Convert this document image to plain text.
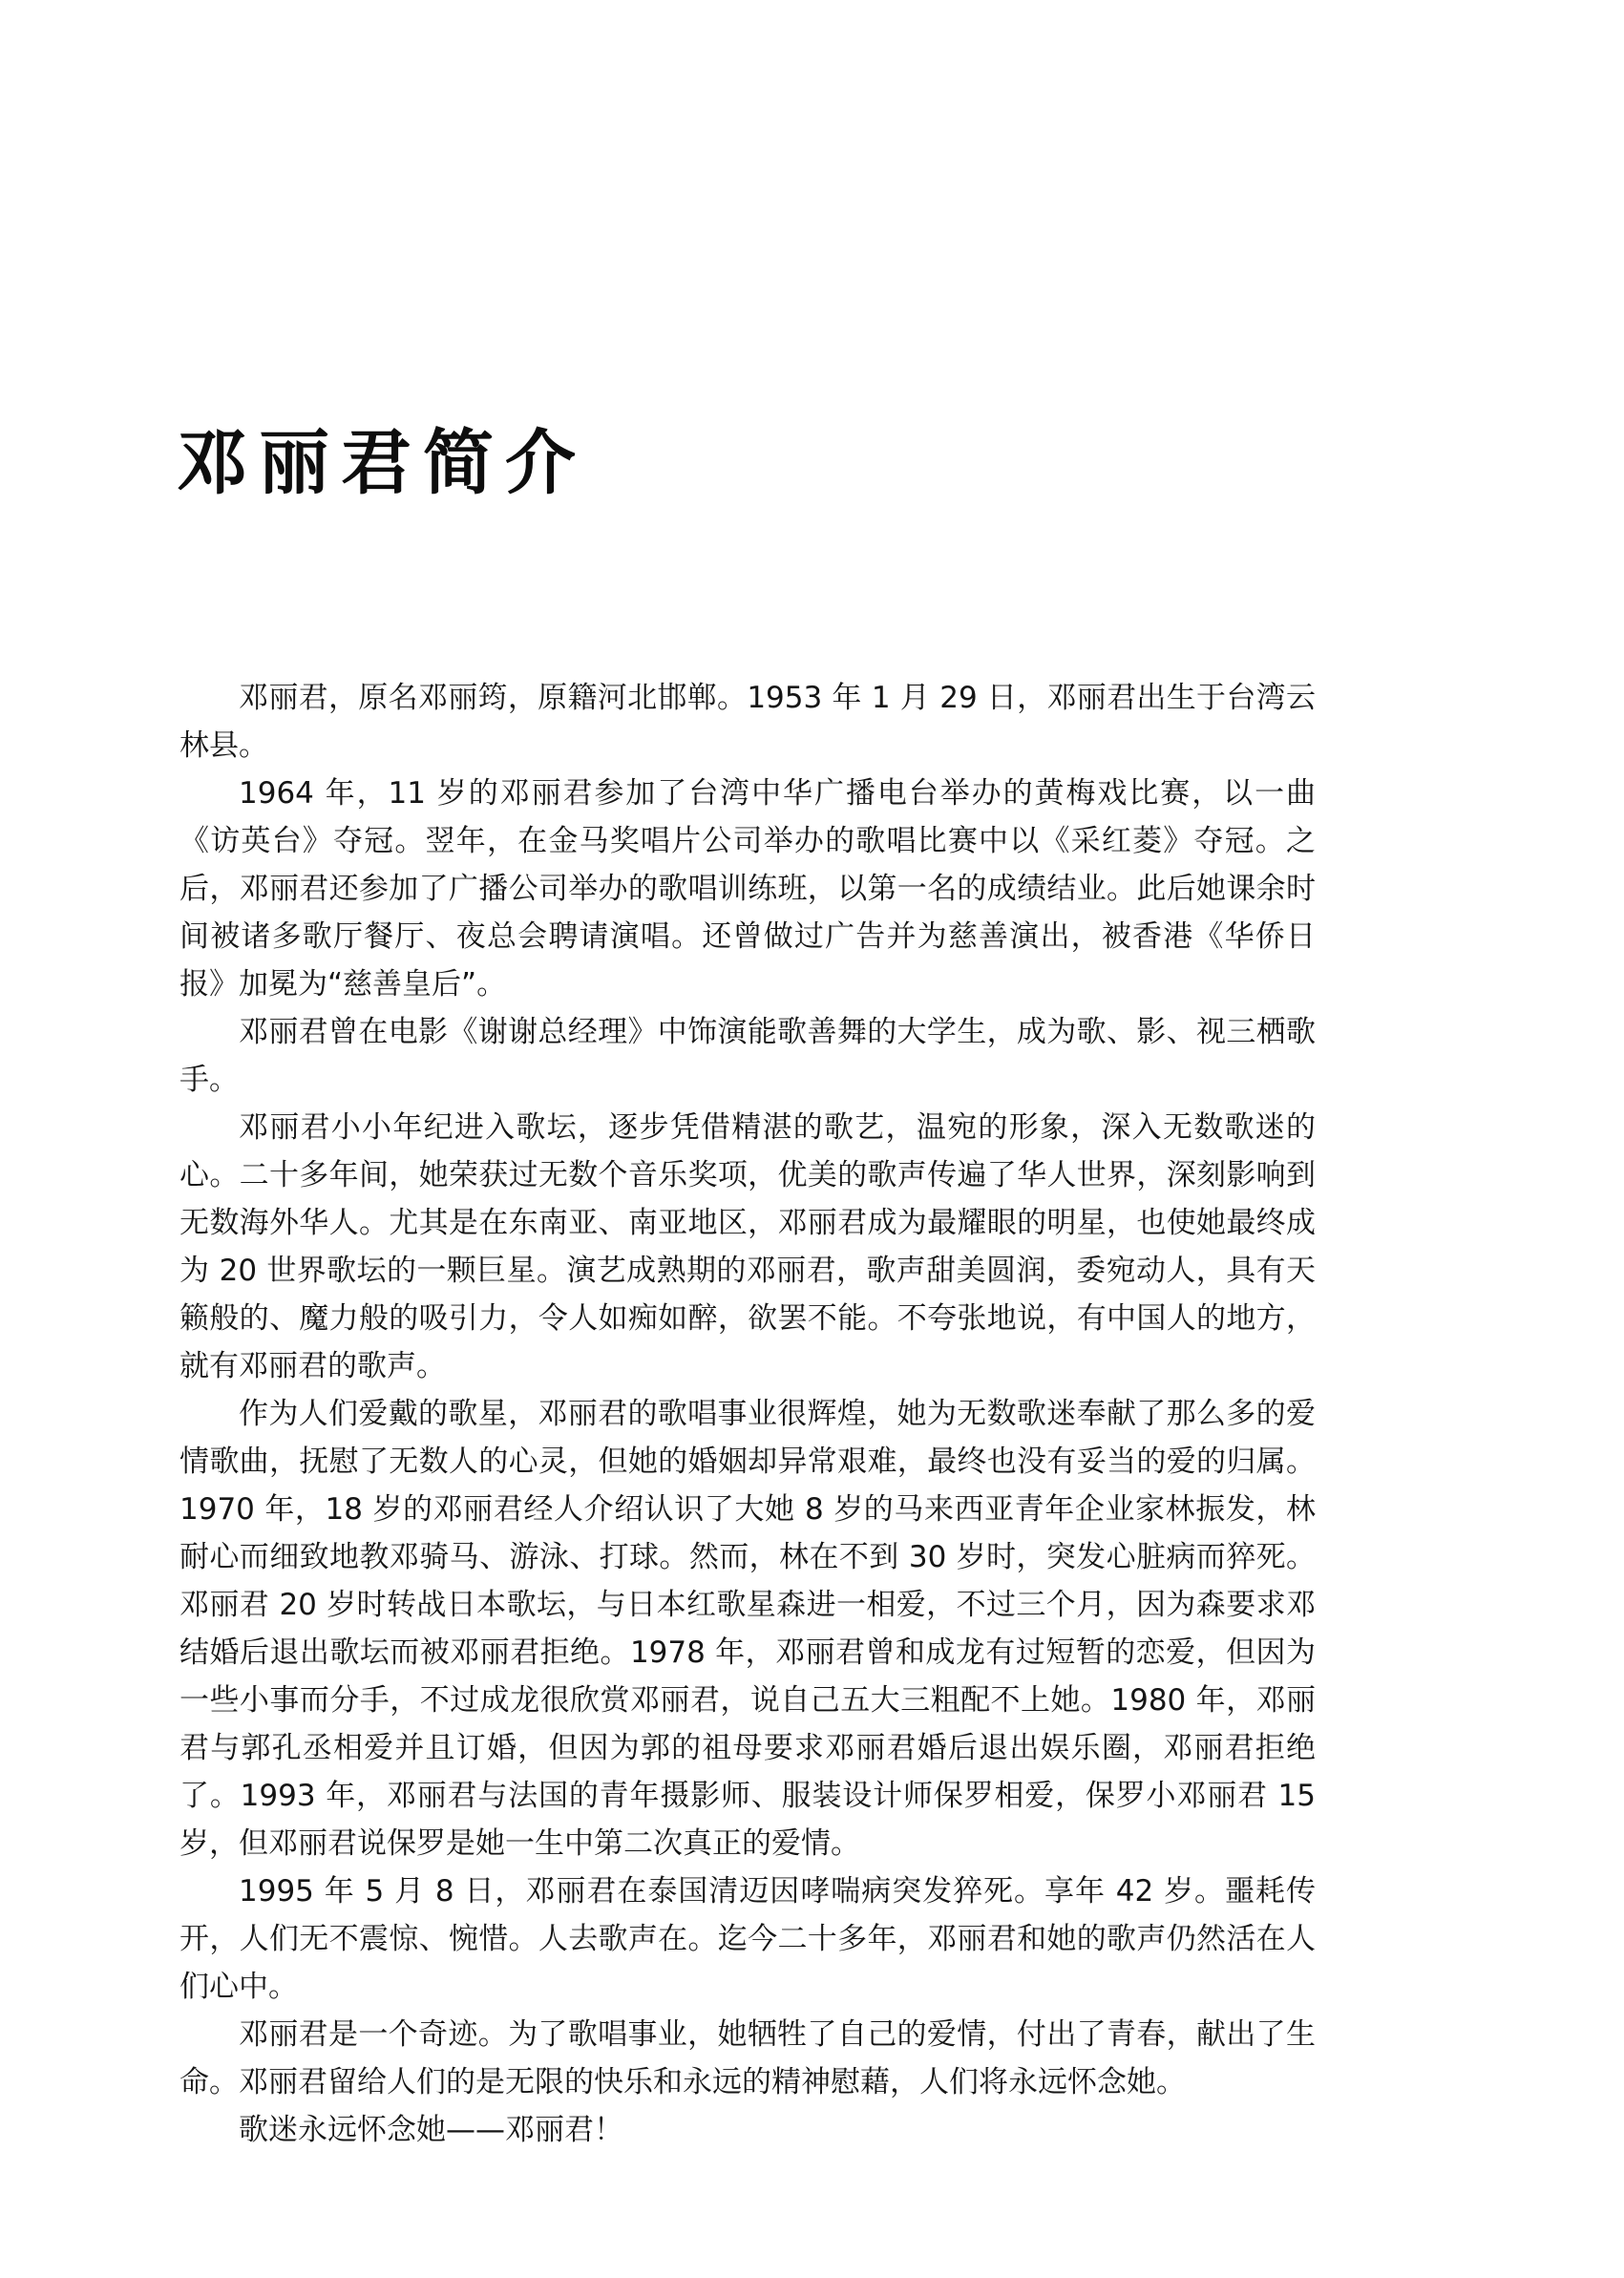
邓丽君简介

邓丽君，原名邓丽筠，原籍河北邯郸。1953 年 1 月 29 日，邓丽君出生于台湾云林县。

1964 年，11 岁的邓丽君参加了台湾中华广播电台举办的黄梅戏比赛，以一曲《访英台》夺冠。翌年，在金马奖唱片公司举办的歌唱比赛中以《采红菱》夺冠。之后，邓丽君还参加了广播公司举办的歌唱训练班，以第一名的成绩结业。此后她课余时间被诸多歌厅餐厅、夜总会聘请演唱。还曾做过广告并为慈善演出，被香港《华侨日报》加冕为“慈善皇后”。

邓丽君曾在电影《谢谢总经理》中饰演能歌善舞的大学生，成为歌、影、视三栖歌手。

邓丽君小小年纪进入歌坛，逐步凭借精湛的歌艺，温宛的形象，深入无数歌迷的心。二十多年间，她荣获过无数个音乐奖项，优美的歌声传遍了华人世界，深刻影响到无数海外华人。尤其是在东南亚、南亚地区，邓丽君成为最耀眼的明星，也使她最终成为 20 世界歌坛的一颗巨星。演艺成熟期的邓丽君，歌声甜美圆润，委宛动人，具有天籁般的、魔力般的吸引力，令人如痴如醉，欲罢不能。不夸张地说，有中国人的地方，就有邓丽君的歌声。

作为人们爱戴的歌星，邓丽君的歌唱事业很辉煌，她为无数歌迷奉献了那么多的爱情歌曲，抚慰了无数人的心灵，但她的婚姻却异常艰难，最终也没有妥当的爱的归属。1970 年，18 岁的邓丽君经人介绍认识了大她 8 岁的马来西亚青年企业家林振发，林耐心而细致地教邓骑马、游泳、打球。然而，林在不到 30 岁时，突发心脏病而猝死。邓丽君 20 岁时转战日本歌坛，与日本红歌星森进一相爱，不过三个月，因为森要求邓结婚后退出歌坛而被邓丽君拒绝。1978 年，邓丽君曾和成龙有过短暂的恋爱，但因为一些小事而分手，不过成龙很欣赏邓丽君，说自己五大三粗配不上她。1980 年，邓丽君与郭孔丞相爱并且订婚，但因为郭的祖母要求邓丽君婚后退出娱乐圈，邓丽君拒绝了。1993 年，邓丽君与法国的青年摄影师、服装设计师保罗相爱，保罗小邓丽君 15 岁，但邓丽君说保罗是她一生中第二次真正的爱情。

1995 年 5 月 8 日，邓丽君在泰国清迈因哮喘病突发猝死。享年 42 岁。噩耗传开，人们无不震惊、惋惜。人去歌声在。迄今二十多年，邓丽君和她的歌声仍然活在人们心中。

邓丽君是一个奇迹。为了歌唱事业，她牺牲了自己的爱情，付出了青春，献出了生命。邓丽君留给人们的是无限的快乐和永远的精神慰藉，人们将永远怀念她。

歌迷永远怀念她——邓丽君！
